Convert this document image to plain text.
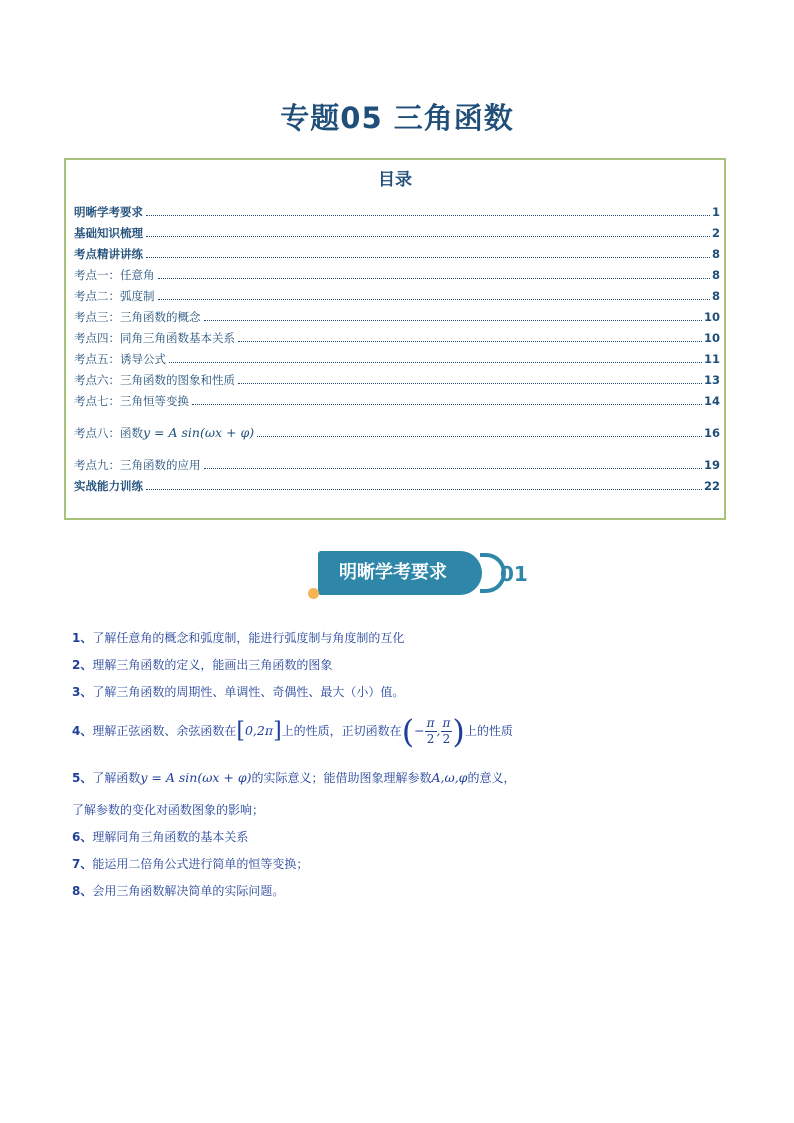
专题05 三角函数
目录
明晰学考要求	1
基础知识梳理	2
考点精讲讲练	8
考点一：任意角	8
考点二：弧度制	8
考点三：三角函数的概念	10
考点四：同角三角函数基本关系	10
考点五：诱导公式	11
考点六：三角函数的图象和性质	13
考点七：三角恒等变换	14
考点八：函数 y = A sin(ωx + φ)	16
考点九：三角函数的应用	19
实战能力训练	22
明晰学考要求	01
1、了解任意角的概念和弧度制，能进行弧度制与角度制的互化
2、理解三角函数的定义，能画出三角函数的图象
3、了解三角函数的周期性、单调性、奇偶性、最大（小）值。
4、理解正弦函数、余弦函数在[0,2π]上的性质，正切函数在(− $\frac{\pi}{2}$ , $\frac{\pi}{2}$ )上的性质
5、了解函数y = A sin(ωx + φ)的实际意义；能借助图象理解参数A,ω,φ的意义，
了解参数的变化对函数图象的影响；
6、理解同角三角函数的基本关系
7、能运用二倍角公式进行简单的恒等变换；
8、会用三角函数解决简单的实际问题。
